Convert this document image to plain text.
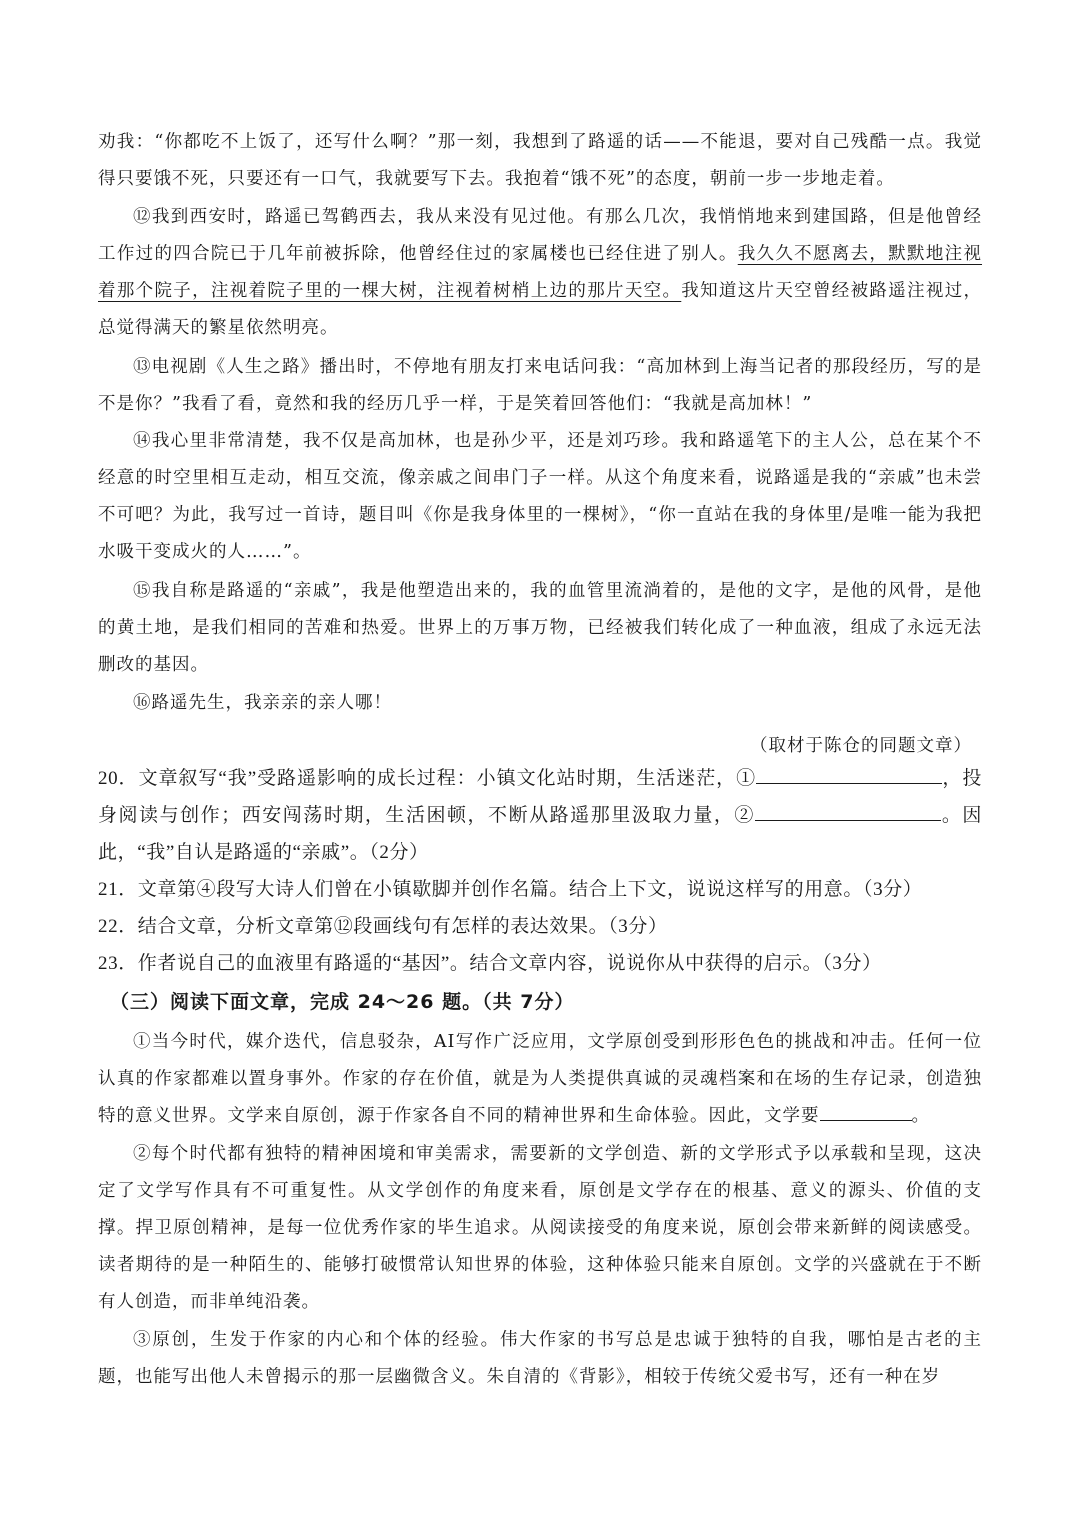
劝我：“你都吃不上饭了，还写什么啊？”那一刻，我想到了路遥的话——不能退，要对自己残酷一点。我觉得只要饿不死，只要还有一口气，我就要写下去。我抱着“饿不死”的态度，朝前一步一步地走着。

⑫我到西安时，路遥已驾鹤西去，我从来没有见过他。有那么几次，我悄悄地来到建国路，但是他曾经工作过的四合院已于几年前被拆除，他曾经住过的家属楼也已经住进了别人。我久久不愿离去，默默地注视着那个院子，注视着院子里的一棵大树，注视着树梢上边的那片天空。我知道这片天空曾经被路遥注视过，总觉得满天的繁星依然明亮。

⑬电视剧《人生之路》播出时，不停地有朋友打来电话问我：“高加林到上海当记者的那段经历，写的是不是你？”我看了看，竟然和我的经历几乎一样，于是笑着回答他们：“我就是高加林！”

⑭我心里非常清楚，我不仅是高加林，也是孙少平，还是刘巧珍。我和路遥笔下的主人公，总在某个不经意的时空里相互走动，相互交流，像亲戚之间串门子一样。从这个角度来看，说路遥是我的“亲戚”也未尝不可吧？为此，我写过一首诗，题目叫《你是我身体里的一棵树》，“你一直站在我的身体里/是唯一能为我把水吸干变成火的人……”。

⑮我自称是路遥的“亲戚”，我是他塑造出来的，我的血管里流淌着的，是他的文字，是他的风骨，是他的黄土地，是我们相同的苦难和热爱。世界上的万事万物，已经被我们转化成了一种血液，组成了永远无法删改的基因。

⑯路遥先生，我亲亲的亲人哪！

（取材于陈仓的同题文章）

20．文章叙写“我”受路遥影响的成长过程：小镇文化站时期，生活迷茫，①	，投身阅读与创作；西安闯荡时期，生活困顿，不断从路遥那里汲取力量，②	。因此，“我”自认是路遥的“亲戚”。（2分）

21．文章第④段写大诗人们曾在小镇歇脚并创作名篇。结合上下文，说说这样写的用意。（3分）

22．结合文章，分析文章第⑫段画线句有怎样的表达效果。（3分）

23．作者说自己的血液里有路遥的“基因”。结合文章内容，说说你从中获得的启示。（3分）

（三）阅读下面文章，完成 24～26 题。（共 7分）

①当今时代，媒介迭代，信息驳杂，AI写作广泛应用，文学原创受到形形色色的挑战和冲击。任何一位认真的作家都难以置身事外。作家的存在价值，就是为人类提供真诚的灵魂档案和在场的生存记录，创造独特的意义世界。文学来自原创，源于作家各自不同的精神世界和生命体验。因此，文学要	。

②每个时代都有独特的精神困境和审美需求，需要新的文学创造、新的文学形式予以承载和呈现，这决定了文学写作具有不可重复性。从文学创作的角度来看，原创是文学存在的根基、意义的源头、价值的支撑。捍卫原创精神，是每一位优秀作家的毕生追求。从阅读接受的角度来说，原创会带来新鲜的阅读感受。读者期待的是一种陌生的、能够打破惯常认知世界的体验，这种体验只能来自原创。文学的兴盛就在于不断有人创造，而非单纯沿袭。

③原创，生发于作家的内心和个体的经验。伟大作家的书写总是忠诚于独特的自我，哪怕是古老的主题，也能写出他人未曾揭示的那一层幽微含义。朱自清的《背影》，相较于传统父爱书写，还有一种在岁
